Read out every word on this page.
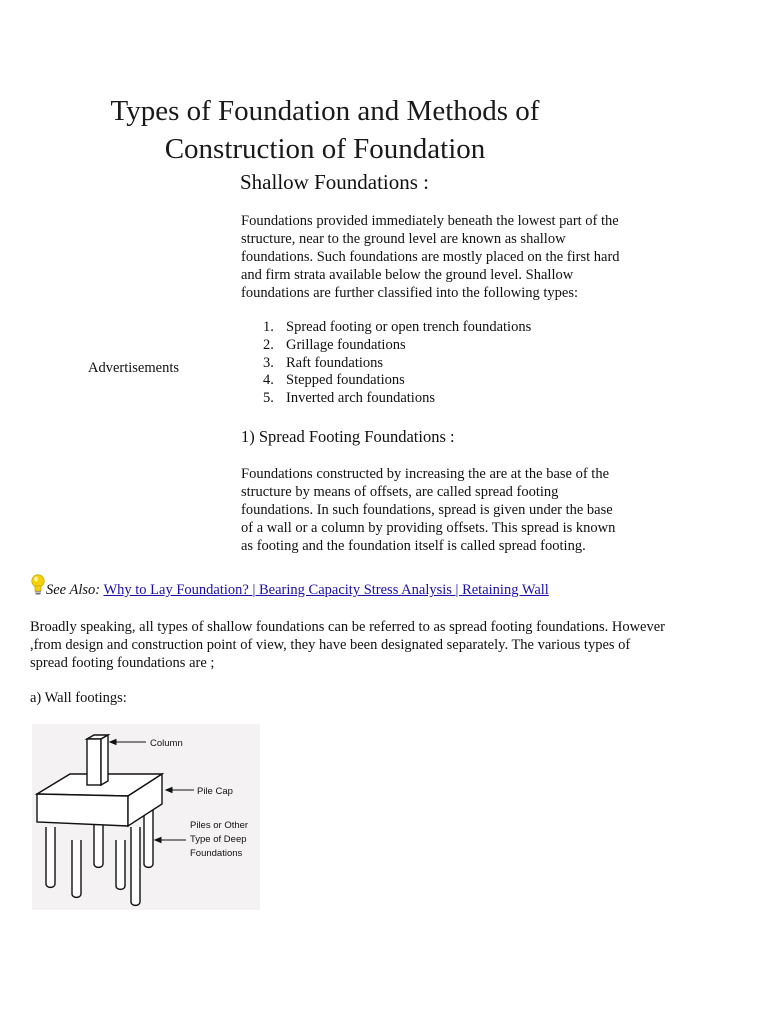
Types of Foundation and Methods of
Construction of Foundation
Shallow Foundations :
Foundations provided immediately beneath the lowest part of the structure, near to the ground level are known as shallow foundations. Such foundations are mostly placed on the first hard and firm strata available below the ground level. Shallow foundations are further classified into the following types:
Advertisements
1. Spread footing or open trench foundations
2. Grillage foundations
3. Raft foundations
4. Stepped foundations
5. Inverted arch foundations
1) Spread Footing Foundations :
Foundations constructed by increasing the are at the base of the structure by means of offsets, are called spread footing foundations. In such foundations, spread is given under the base of a wall or a column by providing offsets. This spread is known as footing and the foundation itself is called spread footing.
See Also: Why to Lay Foundation? | Bearing Capacity Stress Analysis | Retaining Wall
Broadly speaking, all types of shallow foundations can be referred to as spread footing foundations. However ,from design and construction point of view, they have been designated separately. The various types of spread footing foundations are ;
a) Wall footings:
Column
Pile Cap
Piles or Other
Type of Deep
Foundations
